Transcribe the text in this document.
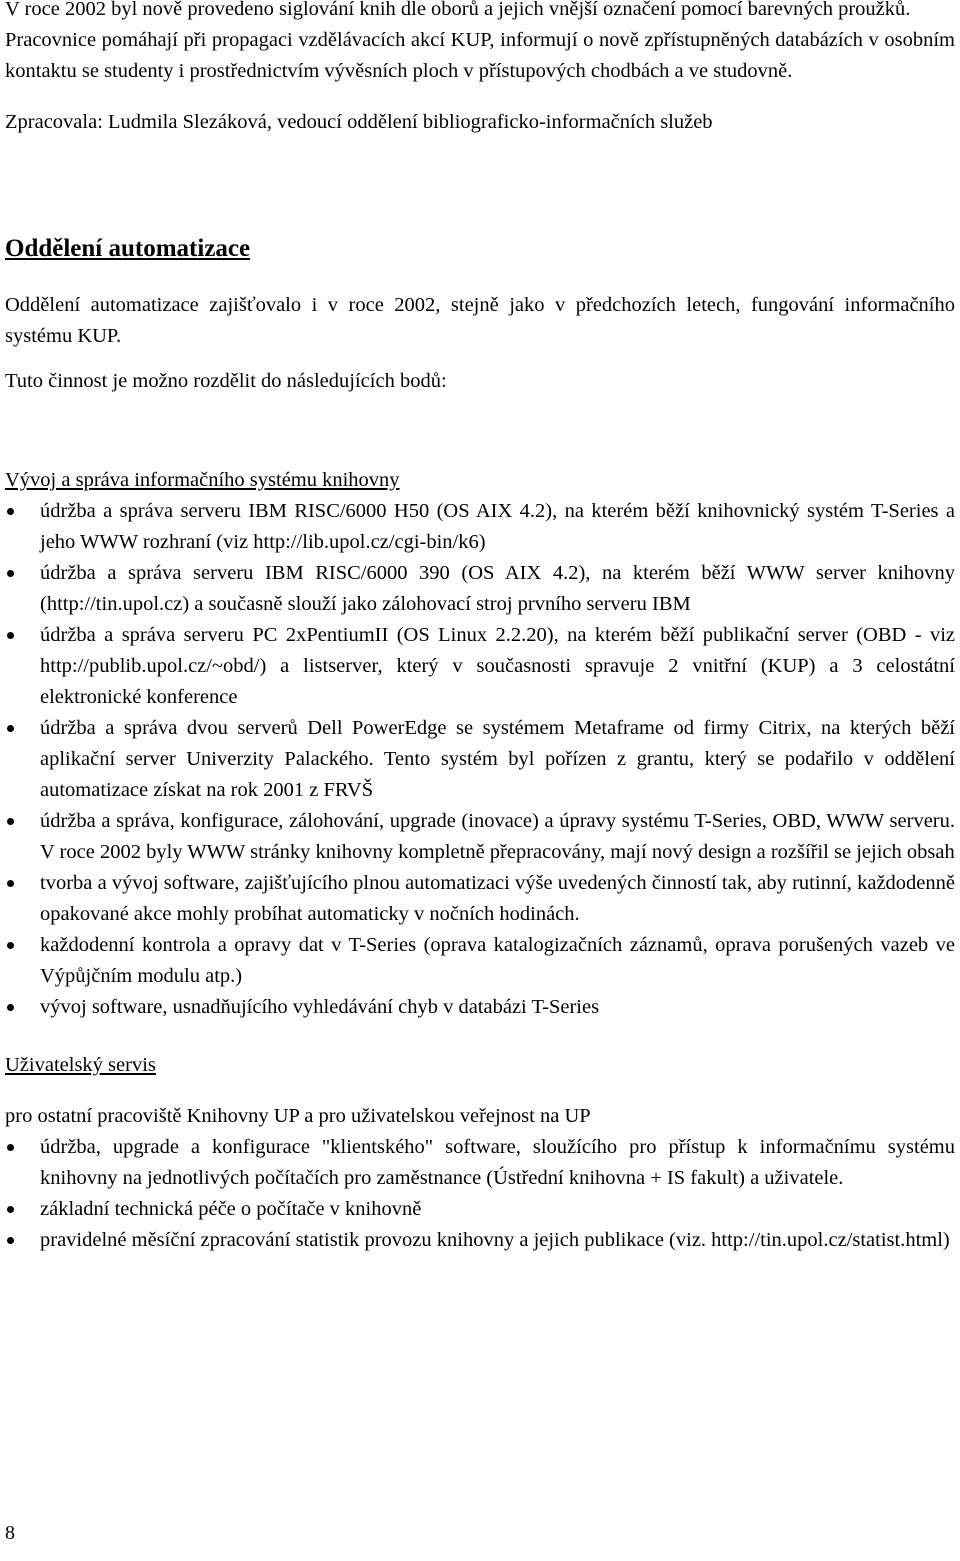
V roce 2002 byl nově provedeno siglování knih dle oborů a jejich vnější označení pomocí barevných proužků.

Pracovnice pomáhají při propagaci vzdělávacích akcí KUP, informují o nově zpřístupněných databázích v osobním kontaktu se studenty i prostřednictvím vývěsních ploch v přístupových chodbách a ve studovně.

Zpracovala: Ludmila Slezáková, vedoucí oddělení bibliograficko-informačních služeb

Oddělení automatizace

Oddělení automatizace zajišťovalo i v roce 2002, stejně jako v předchozích letech, fungování informačního systému KUP.

Tuto činnost je možno rozdělit do následujících bodů:

Vývoj a správa informačního systému knihovny
údržba a správa serveru IBM RISC/6000 H50 (OS AIX 4.2), na kterém běží knihovnický systém T-Series a jeho WWW rozhraní (viz http://lib.upol.cz/cgi-bin/k6)
údržba a správa serveru IBM RISC/6000 390 (OS AIX 4.2), na kterém běží WWW server knihovny (http://tin.upol.cz) a současně slouží jako zálohovací stroj prvního serveru IBM
údržba a správa serveru PC 2xPentiumII (OS Linux 2.2.20), na kterém běží publikační server (OBD - viz http://publib.upol.cz/~obd/) a listserver, který v současnosti spravuje 2 vnitřní (KUP) a 3 celostátní elektronické konference
údržba a správa dvou serverů Dell PowerEdge se systémem Metaframe od firmy Citrix, na kterých běží aplikační server Univerzity Palackého. Tento systém byl pořízen z grantu, který se podařilo v oddělení automatizace získat na rok 2001 z FRVŠ
údržba a správa, konfigurace, zálohování, upgrade (inovace) a úpravy systému T-Series, OBD, WWW serveru. V roce 2002 byly WWW stránky knihovny kompletně přepracovány, mají nový design a rozšířil se jejich obsah
tvorba a vývoj software, zajišťujícího plnou automatizaci výše uvedených činností tak, aby rutinní, každodenně opakované akce mohly probíhat automaticky v nočních hodinách.
každodenní kontrola a opravy dat v T-Series (oprava katalogizačních záznamů, oprava porušených vazeb ve Výpůjčním modulu atp.)
vývoj software, usnadňujícího vyhledávání chyb v databázi T-Series
Uživatelský servis

pro ostatní pracoviště Knihovny UP a pro uživatelskou veřejnost na UP

údržba, upgrade a konfigurace "klientského" software, sloužícího pro přístup k informačnímu systému knihovny na jednotlivých počítačích pro zaměstnance (Ústřední knihovna + IS fakult) a uživatele.
základní technická péče o počítače v knihovně
pravidelné měsíční zpracování statistik provozu knihovny a jejich publikace (viz. http://tin.upol.cz/statist.html)
8
